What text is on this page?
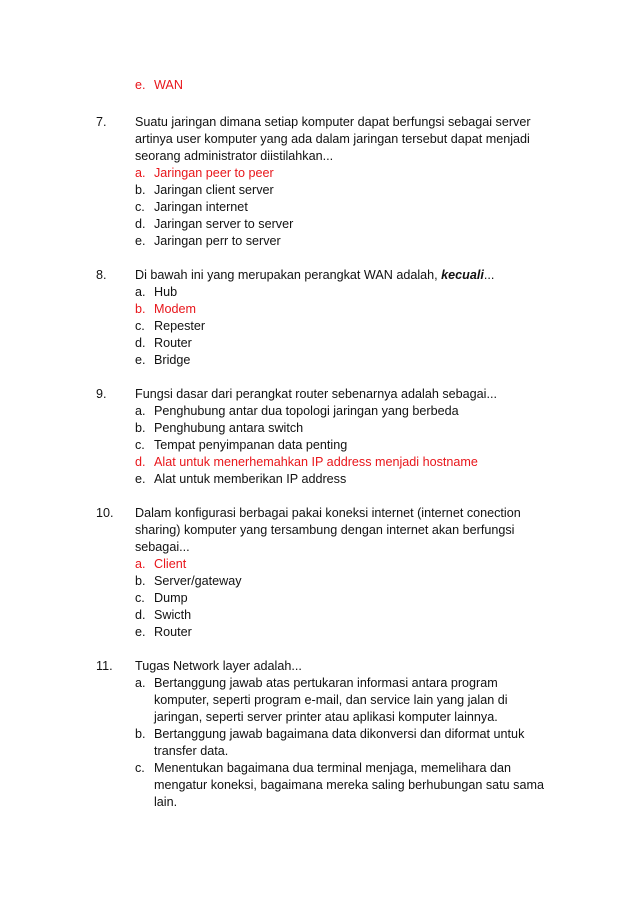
e. WAN
7. Suatu jaringan dimana setiap komputer dapat berfungsi sebagai server
artinya user komputer yang ada dalam jaringan tersebut dapat menjadi
seorang administrator diistilahkan...
a. Jaringan peer to peer
b. Jaringan client server
c. Jaringan internet
d. Jaringan server to server
e. Jaringan perr to server
8. Di bawah ini yang merupakan perangkat WAN adalah, kecuali...
a. Hub
b. Modem
c. Repester
d. Router
e. Bridge
9. Fungsi dasar dari perangkat router sebenarnya adalah sebagai...
a. Penghubung antar dua topologi jaringan yang berbeda
b. Penghubung antara switch
c. Tempat penyimpanan data penting
d. Alat untuk menerhemahkan IP address menjadi hostname
e. Alat untuk memberikan IP address
10. Dalam konfigurasi berbagai pakai koneksi internet (internet conection
sharing) komputer yang tersambung dengan internet akan berfungsi
sebagai...
a. Client
b. Server/gateway
c. Dump
d. Swicth
e. Router
11. Tugas Network layer adalah...
a. Bertanggung jawab atas pertukaran informasi antara program
komputer, seperti program e-mail, dan service lain yang jalan di
jaringan, seperti server printer atau aplikasi komputer lainnya.
b. Bertanggung jawab bagaimana data dikonversi dan diformat untuk
transfer data.
c. Menentukan bagaimana dua terminal menjaga, memelihara dan
mengatur koneksi, bagaimana mereka saling berhubungan satu sama
lain.
